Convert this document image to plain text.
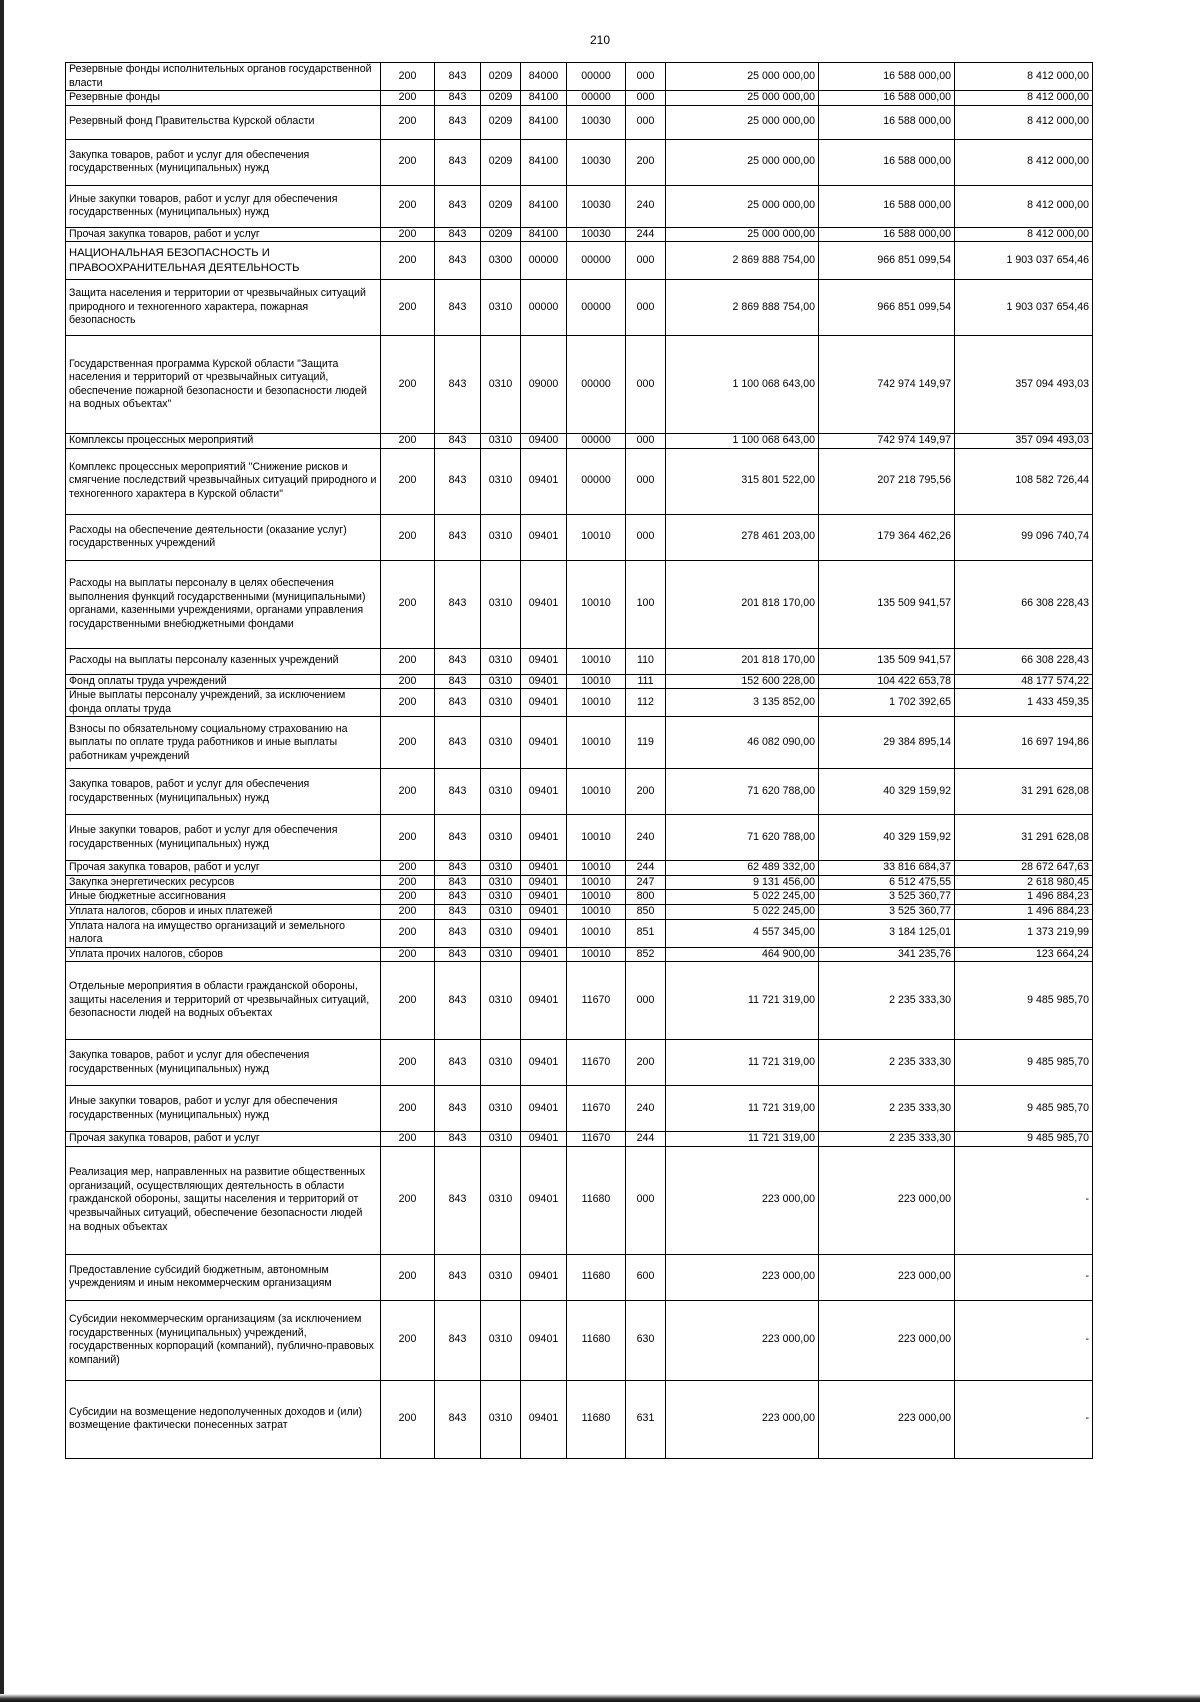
210
Резервные фонды исполнительных органов государственной власти	200	843	0209	84000	00000	000	25 000 000,00	16 588 000,00	8 412 000,00
Резервные фонды	200	843	0209	84100	00000	000	25 000 000,00	16 588 000,00	8 412 000,00
Резервный фонд Правительства Курской области	200	843	0209	84100	10030	000	25 000 000,00	16 588 000,00	8 412 000,00
Закупка товаров, работ и услуг для обеспечения государственных (муниципальных) нужд	200	843	0209	84100	10030	200	25 000 000,00	16 588 000,00	8 412 000,00
Иные закупки товаров, работ и услуг для обеспечения государственных (муниципальных) нужд	200	843	0209	84100	10030	240	25 000 000,00	16 588 000,00	8 412 000,00
Прочая закупка товаров, работ и услуг	200	843	0209	84100	10030	244	25 000 000,00	16 588 000,00	8 412 000,00
НАЦИОНАЛЬНАЯ БЕЗОПАСНОСТЬ И ПРАВООХРАНИТЕЛЬНАЯ ДЕЯТЕЛЬНОСТЬ	200	843	0300	00000	00000	000	2 869 888 754,00	966 851 099,54	1 903 037 654,46
Защита населения и территории от чрезвычайных ситуаций природного и техногенного характера, пожарная безопасность	200	843	0310	00000	00000	000	2 869 888 754,00	966 851 099,54	1 903 037 654,46
Государственная программа Курской области "Защита населения и территорий от чрезвычайных ситуаций, обеспечение пожарной безопасности и безопасности людей на водных объектах"	200	843	0310	09000	00000	000	1 100 068 643,00	742 974 149,97	357 094 493,03
Комплексы процессных мероприятий	200	843	0310	09400	00000	000	1 100 068 643,00	742 974 149,97	357 094 493,03
Комплекс процессных мероприятий "Снижение рисков и смягчение последствий чрезвычайных ситуаций природного и техногенного характера в Курской области"	200	843	0310	09401	00000	000	315 801 522,00	207 218 795,56	108 582 726,44
Расходы на обеспечение деятельности (оказание услуг) государственных учреждений	200	843	0310	09401	10010	000	278 461 203,00	179 364 462,26	99 096 740,74
Расходы на выплаты персоналу в целях обеспечения выполнения функций государственными (муниципальными) органами, казенными учреждениями, органами управления государственными внебюджетными фондами	200	843	0310	09401	10010	100	201 818 170,00	135 509 941,57	66 308 228,43
Расходы на выплаты персоналу казенных учреждений	200	843	0310	09401	10010	110	201 818 170,00	135 509 941,57	66 308 228,43
Фонд оплаты труда учреждений	200	843	0310	09401	10010	111	152 600 228,00	104 422 653,78	48 177 574,22
Иные выплаты персоналу учреждений, за исключением фонда оплаты труда	200	843	0310	09401	10010	112	3 135 852,00	1 702 392,65	1 433 459,35
Взносы по обязательному социальному страхованию на выплаты по оплате труда работников и иные выплаты работникам учреждений	200	843	0310	09401	10010	119	46 082 090,00	29 384 895,14	16 697 194,86
Закупка товаров, работ и услуг для обеспечения государственных (муниципальных) нужд	200	843	0310	09401	10010	200	71 620 788,00	40 329 159,92	31 291 628,08
Иные закупки товаров, работ и услуг для обеспечения государственных (муниципальных) нужд	200	843	0310	09401	10010	240	71 620 788,00	40 329 159,92	31 291 628,08
Прочая закупка товаров, работ и услуг	200	843	0310	09401	10010	244	62 489 332,00	33 816 684,37	28 672 647,63
Закупка энергетических ресурсов	200	843	0310	09401	10010	247	9 131 456,00	6 512 475,55	2 618 980,45
Иные бюджетные ассигнования	200	843	0310	09401	10010	800	5 022 245,00	3 525 360,77	1 496 884,23
Уплата налогов, сборов и иных платежей	200	843	0310	09401	10010	850	5 022 245,00	3 525 360,77	1 496 884,23
Уплата налога на имущество организаций и земельного налога	200	843	0310	09401	10010	851	4 557 345,00	3 184 125,01	1 373 219,99
Уплата прочих налогов, сборов	200	843	0310	09401	10010	852	464 900,00	341 235,76	123 664,24
Отдельные мероприятия в области гражданской обороны, защиты населения и территорий от чрезвычайных ситуаций, безопасности людей на водных объектах	200	843	0310	09401	11670	000	11 721 319,00	2 235 333,30	9 485 985,70
Закупка товаров, работ и услуг для обеспечения государственных (муниципальных) нужд	200	843	0310	09401	11670	200	11 721 319,00	2 235 333,30	9 485 985,70
Иные закупки товаров, работ и услуг для обеспечения государственных (муниципальных) нужд	200	843	0310	09401	11670	240	11 721 319,00	2 235 333,30	9 485 985,70
Прочая закупка товаров, работ и услуг	200	843	0310	09401	11670	244	11 721 319,00	2 235 333,30	9 485 985,70
Реализация мер, направленных на развитие общественных организаций, осуществляющих деятельность в области гражданской обороны, защиты населения и территорий от чрезвычайных ситуаций, обеспечение безопасности людей на водных объектах	200	843	0310	09401	11680	000	223 000,00	223 000,00	-
Предоставление субсидий бюджетным, автономным учреждениям и иным некоммерческим организациям	200	843	0310	09401	11680	600	223 000,00	223 000,00	-
Субсидии некоммерческим организациям (за исключением государственных (муниципальных) учреждений, государственных корпораций (компаний), публично-правовых компаний)	200	843	0310	09401	11680	630	223 000,00	223 000,00	-
Субсидии на возмещение недополученных доходов и (или) возмещение фактически понесенных затрат	200	843	0310	09401	11680	631	223 000,00	223 000,00	-
